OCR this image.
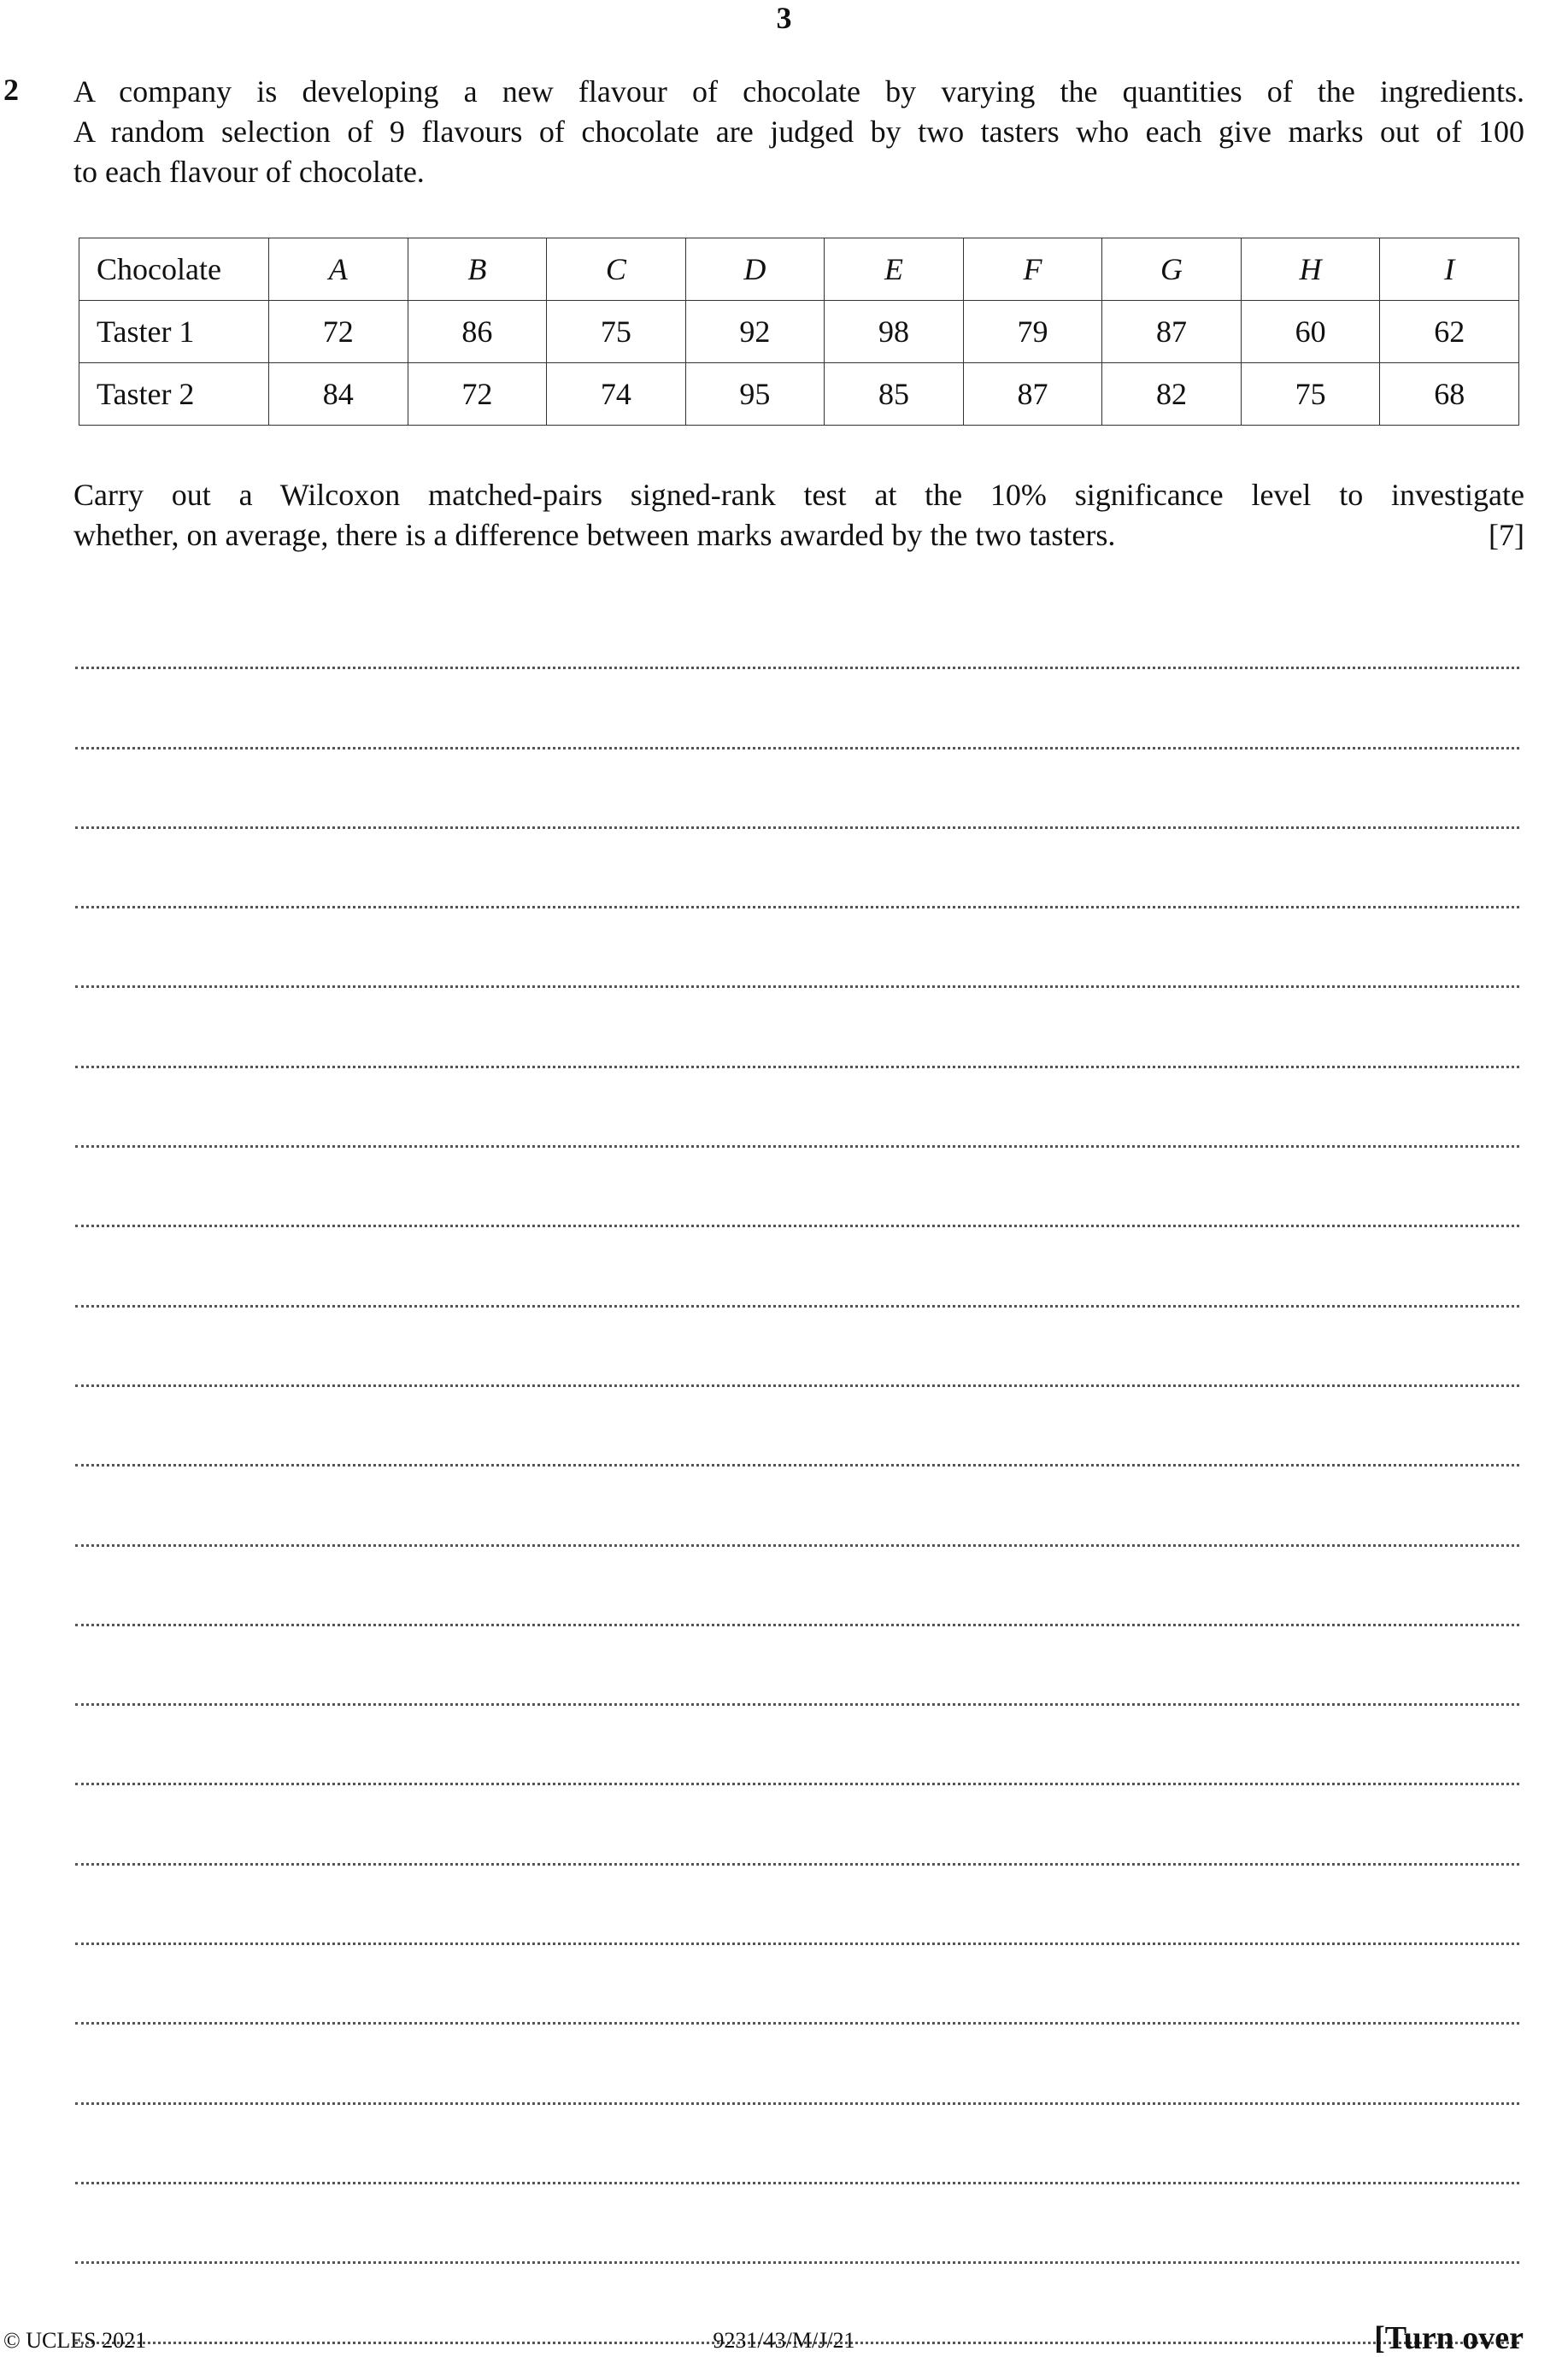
3
2 A company is developing a new flavour of chocolate by varying the quantities of the ingredients.
A random selection of 9 flavours of chocolate are judged by two tasters who each give marks out of 100
to each flavour of chocolate.
Chocolate	A	B	C	D	E	F	G	H	I
Taster 1	72	86	75	92	98	79	87	60	62
Taster 2	84	72	74	95	85	87	82	75	68
Carry out a Wilcoxon matched-pairs signed-rank test at the 10% significance level to investigate
whether, on average, there is a difference between marks awarded by the two tasters.	[7]
© UCLES 2021	9231/43/M/J/21	[Turn over
